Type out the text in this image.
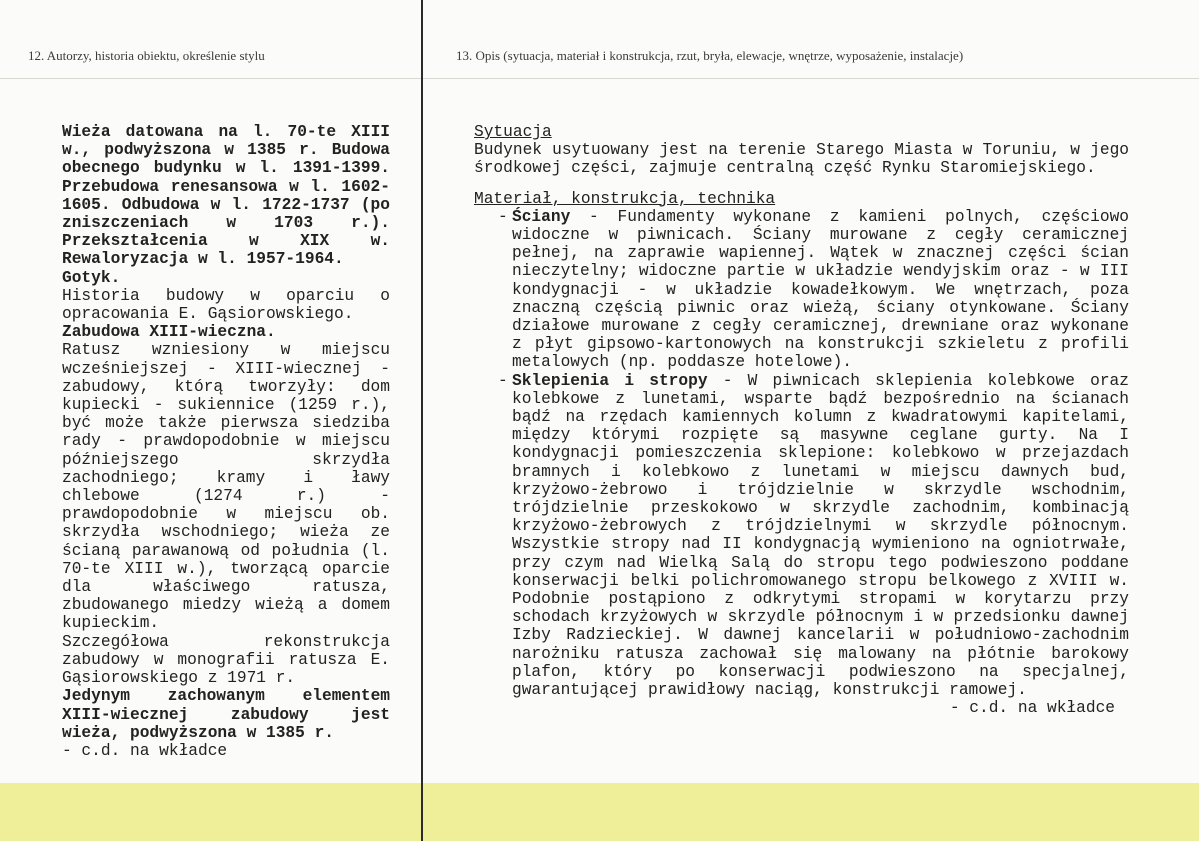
12. Autorzy, historia obiektu, określenie stylu	13. Opis (sytuacja, materiał i konstrukcja, rzut, bryła, elewacje, wnętrze, wyposażenie, instalacje)

Wieża datowana na l. 70-te XIII w., podwyższona w 1385 r. Budowa obecnego budynku w l. 1391-1399. Przebudowa renesansowa w l. 1602-1605. Odbudowa w l. 1722-1737 (po zniszczeniach w 1703 r.). Przekształcenia w XIX w. Rewaloryzacja w l. 1957-1964.

Gotyk.

Historia budowy w oparciu o opracowania E. Gąsiorowskiego.

Zabudowa XIII-wieczna.

Ratusz wzniesiony w miejscu wcześniejszej - XIII-wiecznej - zabudowy, którą tworzyły: dom kupiecki - sukiennice (1259 r.), być może także pierwsza siedziba rady - prawdopodobnie w miejscu późniejszego skrzydła zachodniego; kramy i ławy chlebowe (1274 r.) - prawdopodobnie w miejscu ob. skrzydła wschodniego; wieża ze ścianą parawanową od południa (l. 70-te XIII w.), tworzącą oparcie dla właściwego ratusza, zbudowanego miedzy wieżą a domem kupieckim.

Szczegółowa rekonstrukcja zabudowy w monografii ratusza E. Gąsiorowskiego z 1971 r.

Jedynym zachowanym elementem XIII-wiecznej zabudowy jest wieża, podwyższona w 1385 r.

- c.d. na wkładce

Sytuacja

Budynek usytuowany jest na terenie Starego Miasta w Toruniu, w jego środkowej części, zajmuje centralną część Rynku Staromiejskiego.

Materiał, konstrukcja, technika

- Ściany - Fundamenty wykonane z kamieni polnych, częściowo widoczne w piwnicach. Ściany murowane z cegły ceramicznej pełnej, na zaprawie wapiennej. Wątek w znacznej części ścian nieczytelny; widoczne partie w układzie wendyjskim oraz - w III kondygnacji - w układzie kowadełkowym. We wnętrzach, poza znaczną częścią piwnic oraz wieżą, ściany otynkowane. Ściany działowe murowane z cegły ceramicznej, drewniane oraz wykonane z płyt gipsowo-kartonowych na konstrukcji szkieletu z profili metalowych (np. poddasze hotelowe).

- Sklepienia i stropy - W piwnicach sklepienia kolebkowe oraz kolebkowe z lunetami, wsparte bądź bezpośrednio na ścianach bądź na rzędach kamiennych kolumn z kwadratowymi kapitelami, między którymi rozpięte są masywne ceglane gurty. Na I kondygnacji pomieszczenia sklepione: kolebkowo w przejazdach bramnych i kolebkowo z lunetami w miejscu dawnych bud, krzyżowo-żebrowo i trójdzielnie w skrzydle wschodnim, trójdzielnie przeskokowo w skrzydle zachodnim, kombinacją krzyżowo-żebrowych z trójdzielnymi w skrzydle północnym. Wszystkie stropy nad II kondygnacją wymieniono na ogniotrwałe, przy czym nad Wielką Salą do stropu tego podwieszono poddane konserwacji belki polichromowanego stropu belkowego z XVIII w. Podobnie postąpiono z odkrytymi stropami w korytarzu przy schodach krzyżowych w skrzydle północnym i w przedsionku dawnej Izby Radzieckiej. W dawnej kancelarii w południowo-zachodnim narożniku ratusza zachował się malowany na płótnie barokowy plafon, który po konserwacji podwieszono na specjalnej, gwarantującej prawidłowy naciąg, konstrukcji ramowej.

- c.d. na wkładce
